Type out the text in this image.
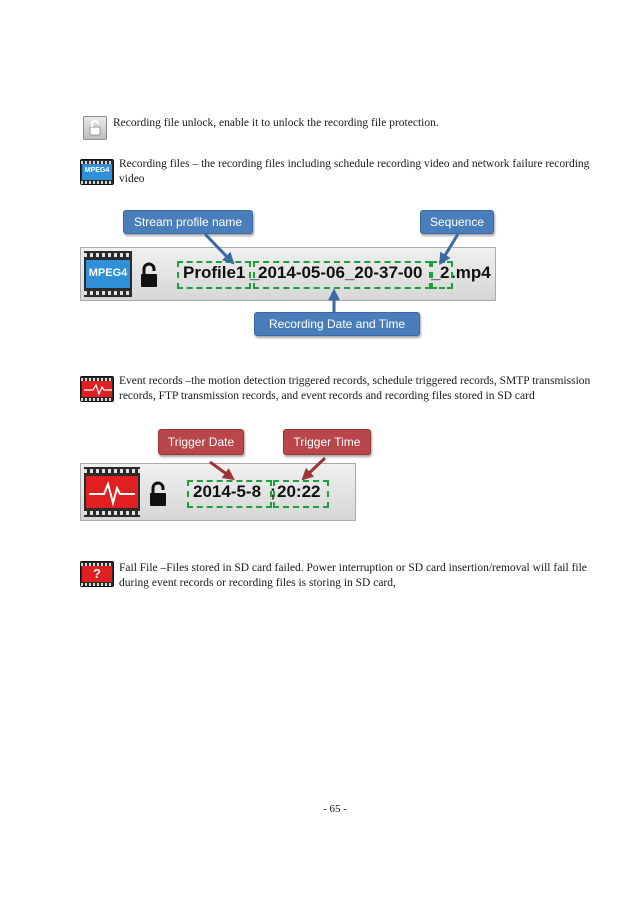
Recording file unlock, enable it to unlock the recording file protection.
MPEG4
Recording files – the recording files including schedule recording video and network failure recording video
Stream profile name	Sequence
MPEG4	Profile1 _
2014-05-06_20-37-00 _ 2 .mp4
Recording Date and Time
Event records –the motion detection triggered records, schedule triggered records, SMTP transmission records, FTP transmission records, and event records and recording files stored in SD card
Trigger Date	Trigger Time
2014-5-8 ; 20:22
?	Fail File –Files stored in SD card failed. Power interruption or SD card insertion/removal will fail file during event records or recording files is storing in SD card,
- 65 -
